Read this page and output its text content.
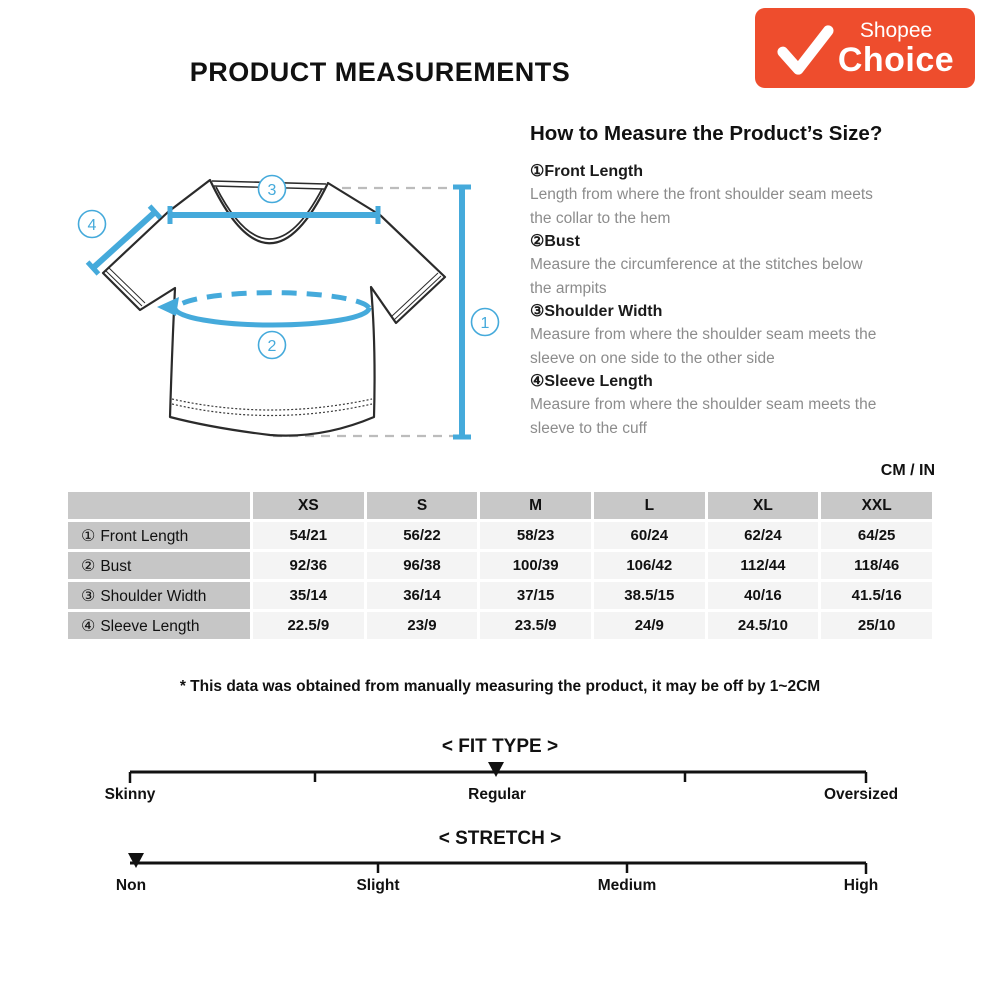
Shopee
Choice
PRODUCT MEASUREMENTS
3
4
2
1
How to Measure the Product’s Size?
①Front Length
Length from where the front shoulder seam meets the collar to the hem
②Bust
Measure the circumference at the stitches below the armpits
③Shoulder Width
Measure from where the shoulder seam meets the sleeve on one side to the other side
④Sleeve Length
Measure from where the shoulder seam meets the sleeve to the cuff
CM / IN
	XS	S	M	L	XL	XXL
① Front Length	54/21	56/22	58/23	60/24	62/24	64/25
② Bust	92/36	96/38	100/39	106/42	112/44	118/46
③ Shoulder Width	35/14	36/14	37/15	38.5/15	40/16	41.5/16
④ Sleeve Length	22.5/9	23/9	23.5/9	24/9	24.5/10	25/10
* This data was obtained from manually measuring the product, it may be off by 1~2CM
< FIT TYPE >
Skinny	Regular	Oversized
< STRETCH >
Non	Slight	Medium	High
